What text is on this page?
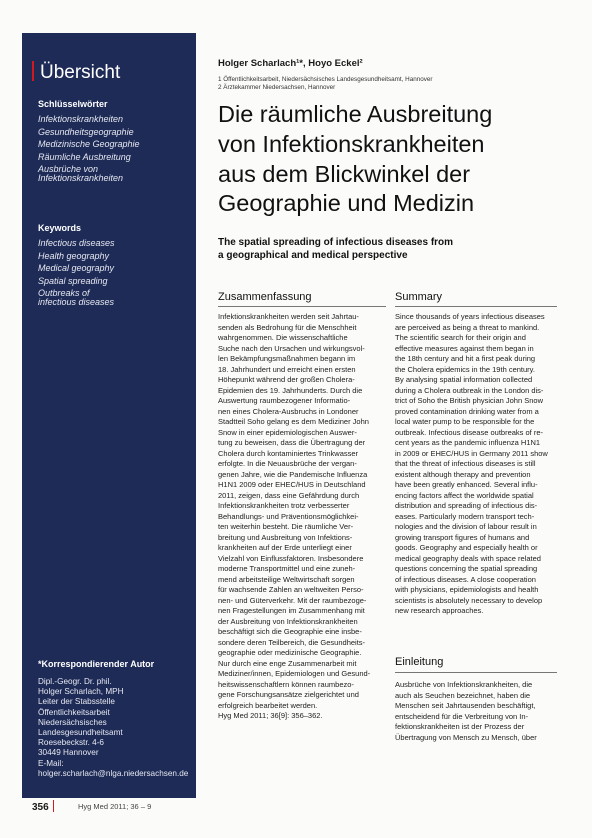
Übersicht
Schlüsselwörter
Infektionskrankheiten
Gesundheitsgeographie
Medizinische Geographie
Räumliche Ausbreitung
Ausbrüche von
Infektionskrankheiten
Keywords
Infectious diseases
Health geography
Medical geography
Spatial spreading
Outbreaks of
infectious diseases
*Korrespondierender Autor
Dipl.-Geogr. Dr. phil.
Holger Scharlach, MPH
Leiter der Stabsstelle
Öffentlichkeitsarbeit
Niedersächsisches
Landesgesundheitsamt
Roesebeckstr. 4-6
30449 Hannover
E-Mail:
holger.scharlach@nlga.niedersachsen.de
356	Hyg Med 2011; 36 – 9
Holger Scharlach¹*, Hoyo Eckel²
1 Öffentlichkeitsarbeit, Niedersächsisches Landesgesundheitsamt, Hannover
2 Ärztekammer Niedersachsen, Hannover
Die räumliche Ausbreitung
von Infektionskrankheiten
aus dem Blickwinkel der
Geographie und Medizin
The spatial spreading of infectious diseases from
a geographical and medical perspective
Zusammenfassung
Infektionskrankheiten werden seit Jahrtau-
senden als Bedrohung für die Menschheit
wahrgenommen. Die wissenschaftliche
Suche nach den Ursachen und wirkungsvol-
len Bekämpfungsmaßnahmen begann im
18. Jahrhundert und erreicht einen ersten
Höhepunkt während der großen Cholera-
Epidemien des 19. Jahrhunderts. Durch die
Auswertung raumbezogener Informatio-
nen eines Cholera-Ausbruchs in Londoner
Stadtteil Soho gelang es dem Mediziner John
Snow in einer epidemiologischen Auswer-
tung zu beweisen, dass die Übertragung der
Cholera durch kontaminiertes Trinkwasser
erfolgte. In die Neuausbrüche der vergan-
genen Jahre, wie die Pandemische Influenza
H1N1 2009 oder EHEC/HUS in Deutschland
2011, zeigen, dass eine Gefährdung durch
Infektionskrankheiten trotz verbesserter
Behandlungs- und Präventionsmöglichkei-
ten weiterhin besteht. Die räumliche Ver-
breitung und Ausbreitung von Infektions-
krankheiten auf der Erde unterliegt einer
Vielzahl von Einflussfaktoren. Insbesondere
moderne Transportmittel und eine zuneh-
mend arbeitsteilige Weltwirtschaft sorgen
für wachsende Zahlen an weltweiten Perso-
nen- und Güterverkehr. Mit der raumbezoge-
nen Fragestellungen im Zusammenhang mit
der Ausbreitung von Infektionskrankheiten
beschäftigt sich die Geographie eine insbe-
sondere deren Teilbereich, die Gesundheits-
geographie oder medizinische Geographie.
Nur durch eine enge Zusammenarbeit mit
Mediziner/innen, Epidemiologen und Gesund-
heitswissenschaftlern können raumbezo-
gene Forschungsansätze zielgerichtet und
erfolgreich bearbeitet werden.
Hyg Med 2011; 36[9]: 356–362.
Summary
Since thousands of years infectious diseases
are perceived as being a threat to mankind.
The scientific search for their origin and
effective measures against them began in
the 18th century and hit a first peak during
the Cholera epidemics in the 19th century.
By analysing spatial information collected
during a Cholera outbreak in the London dis-
trict of Soho the British physician John Snow
proved contamination drinking water from a
local water pump to be responsible for the
outbreak. Infectious disease outbreaks of re-
cent years as the pandemic influenza H1N1
in 2009 or EHEC/HUS in Germany 2011 show
that the threat of infectious diseases is still
existent although therapy and prevention
have been greatly enhanced. Several influ-
encing factors affect the worldwide spatial
distribution and spreading of infectious dis-
eases. Particularly modern transport tech-
nologies and the division of labour result in
growing transport figures of humans and
goods. Geography and especially health or
medical geography deals with space related
questions concerning the spatial spreading
of infectious diseases. A close cooperation
with physicians, epidemiologists and health
scientists is absolutely necessary to develop
new research approaches.
Einleitung
Ausbrüche von Infektionskrankheiten, die
auch als Seuchen bezeichnet, haben die
Menschen seit Jahrtausenden beschäftigt,
entscheidend für die Verbreitung von In-
fektionskrankheiten ist der Prozess der
Übertragung von Mensch zu Mensch, über
